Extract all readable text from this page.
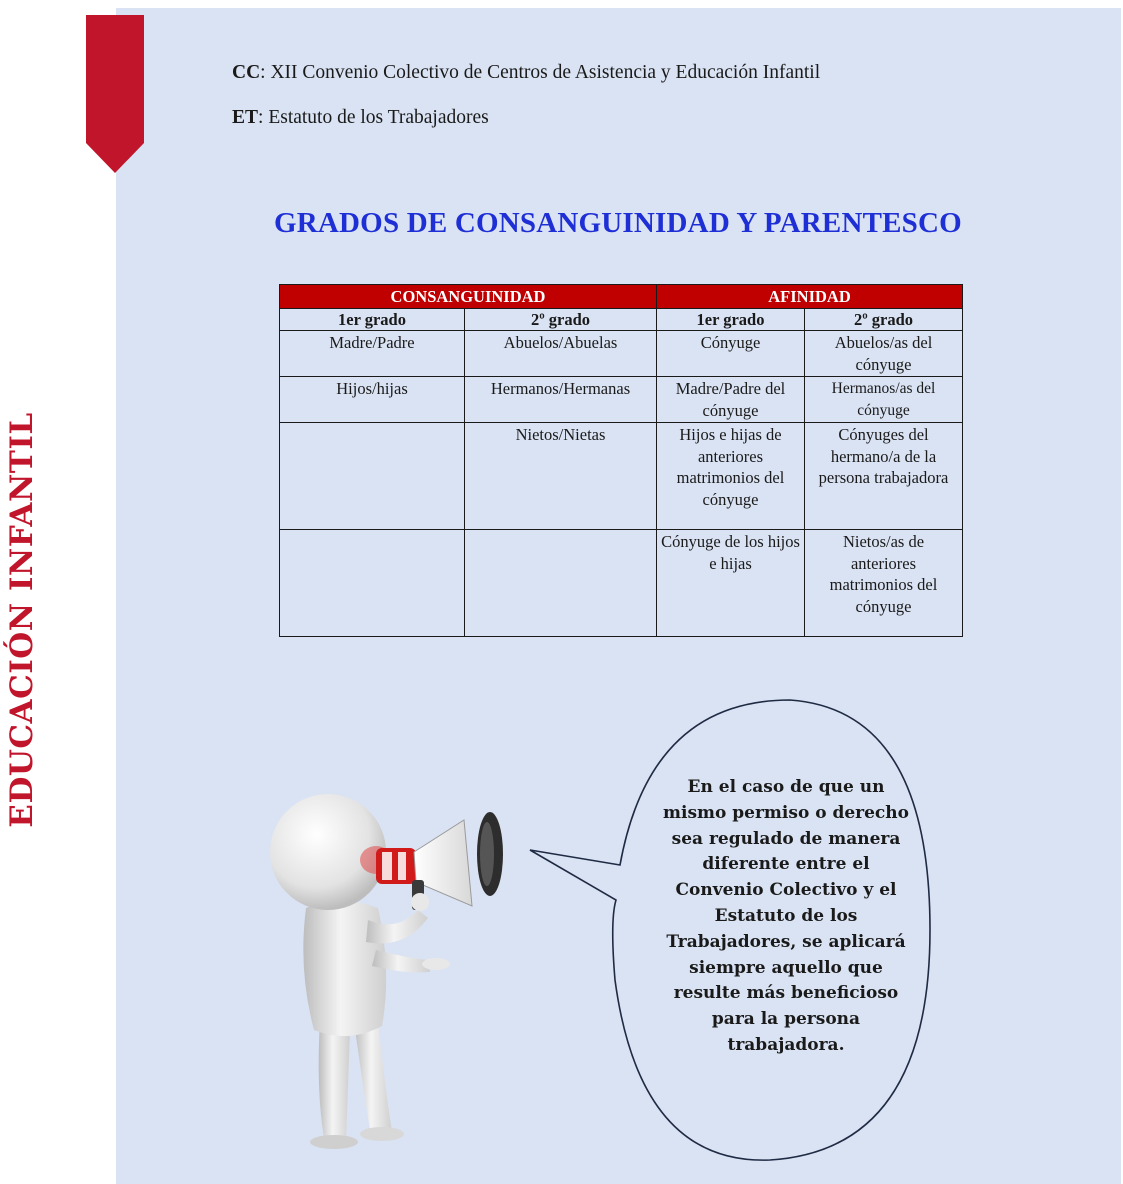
EDUCACIÓN INFANTIL
CC: XII Convenio Colectivo de Centros de Asistencia y Educación Infantil
ET: Estatuto de los Trabajadores
GRADOS DE CONSANGUINIDAD Y PARENTESCO
CONSANGUINIDAD		AFINIDAD	
1er grado	2º grado	1er grado	2º grado
Madre/Padre	Abuelos/Abuelas	Cónyuge	Abuelos/as del cónyuge
Hijos/hijas	Hermanos/Hermanas	Madre/Padre del cónyuge	Hermanos/as del cónyuge
	Nietos/Nietas	Hijos e hijas de anteriores matrimonios del cónyuge	Cónyuges del hermano/a de la persona trabajadora
		Cónyuge de los hijos e hijas	Nietos/as de anteriores matrimonios del cónyuge
En el caso de que un mismo permiso o derecho sea regulado de manera diferente entre el Convenio Colectivo y el Estatuto de los Trabajadores, se aplicará siempre aquello que resulte más beneficioso para la persona trabajadora.
